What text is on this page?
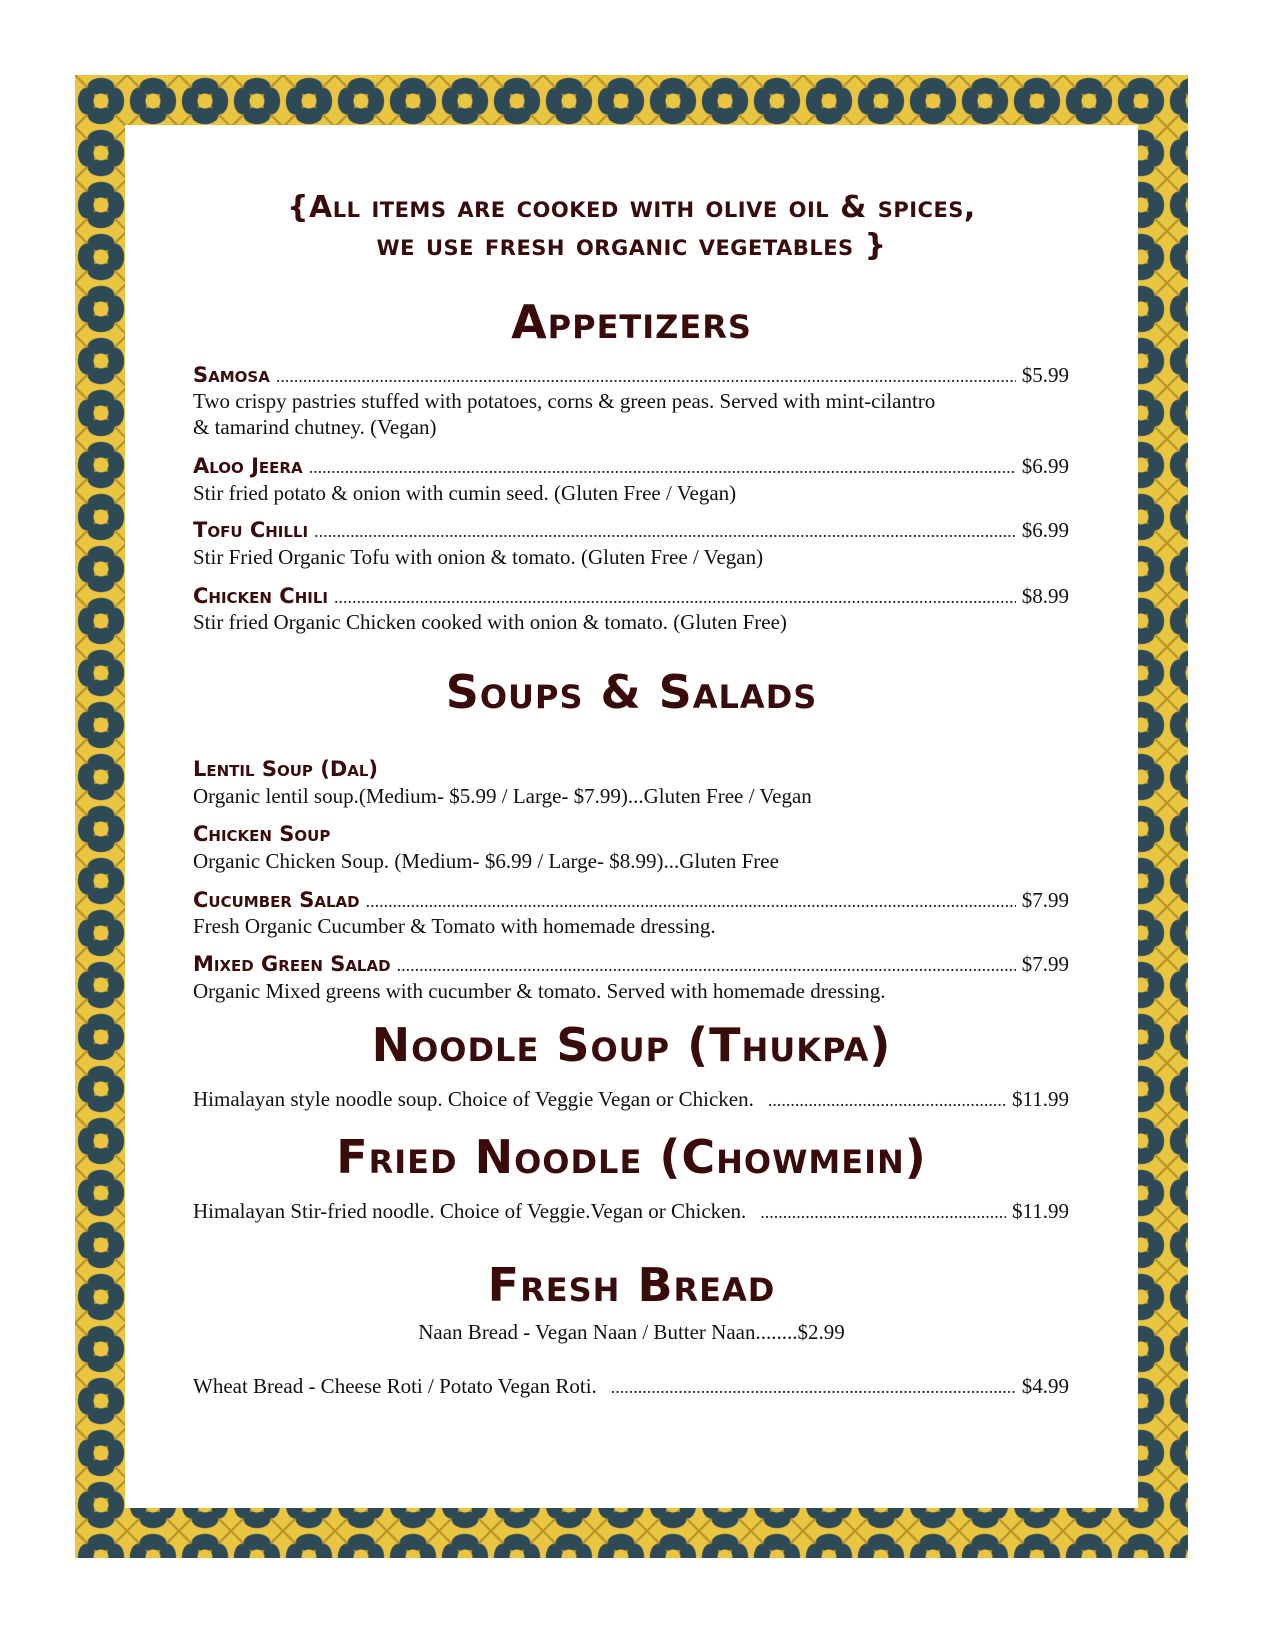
{All items are cooked with olive oil & spices,
we use fresh organic vegetables }
Appetizers
Samosa .....	$5.99
Two crispy pastries stuffed with potatoes, corns & green peas. Served with mint-cilantro
& tamarind chutney. (Vegan)
Aloo Jeera .....	$6.99
Stir fried potato & onion with cumin seed. (Gluten Free / Vegan)
Tofu Chilli .....	$6.99
Stir Fried Organic Tofu with onion & tomato. (Gluten Free / Vegan)
Chicken Chili .....	$8.99
Stir fried Organic Chicken cooked with onion & tomato. (Gluten Free)
Soups & Salads
Lentil Soup (Dal)
Organic lentil soup.(Medium- $5.99 / Large- $7.99)...Gluten Free / Vegan
Chicken Soup
Organic Chicken Soup. (Medium- $6.99 / Large- $8.99)...Gluten Free
Cucumber Salad .....	$7.99
Fresh Organic Cucumber & Tomato with homemade dressing.
Mixed Green Salad .....	$7.99
Organic Mixed greens with cucumber & tomato. Served with homemade dressing.
Noodle Soup (Thukpa)
Himalayan style noodle soup. Choice of Veggie Vegan or Chicken. .....	$11.99
Fried Noodle (Chowmein)
Himalayan Stir-fried noodle. Choice of Veggie.Vegan or Chicken. .....	$11.99
Fresh Bread
Naan Bread - Vegan Naan / Butter Naan........$2.99
Wheat Bread - Cheese Roti / Potato Vegan Roti. .....	$4.99
